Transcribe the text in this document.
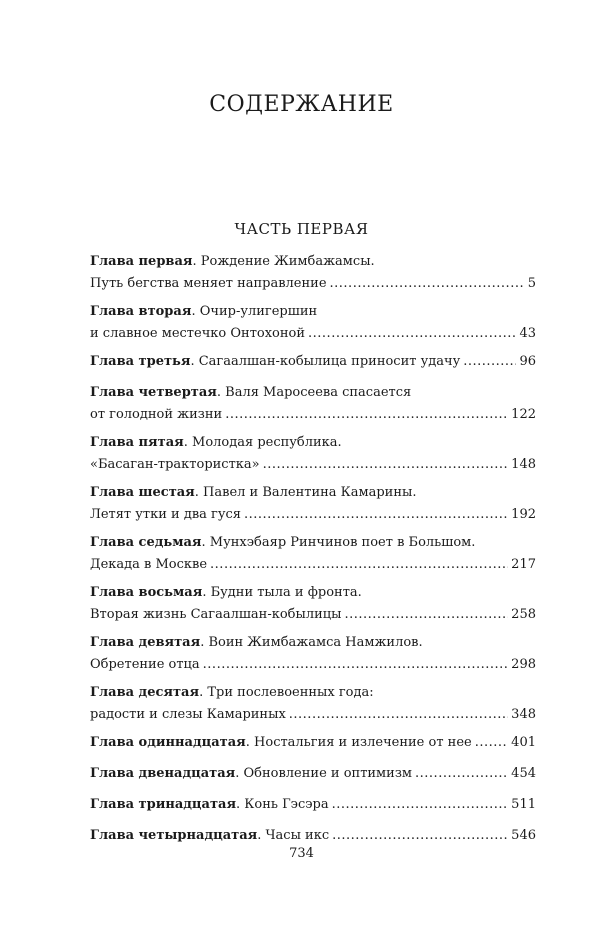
СОДЕРЖАНИЕ
ЧАСТЬ ПЕРВАЯ
Глава первая. Рождение Жимбажамсы.
Путь бегства меняет направление .....	5
Глава вторая. Очир-улигершин
и славное местечко Онтохоной .....	43
Глава третья. Сагаалшан-кобылица приносит удачу .....	96
Глава четвертая. Валя Маросеева спасается
от голодной жизни .....	122
Глава пятая. Молодая республика.
«Басаган-трактористка» .....	148
Глава шестая. Павел и Валентина Камарины.
Летят утки и два гуся .....	192
Глава седьмая. Мунхэбаяр Ринчинов поет в Большом.
Декада в Москве .....	217
Глава восьмая. Будни тыла и фронта.
Вторая жизнь Сагаалшан-кобылицы .....	258
Глава девятая. Воин Жимбажамса Намжилов.
Обретение отца .....	298
Глава десятая. Три послевоенных года:
радости и слезы Камариных .....	348
Глава одиннадцатая. Ностальгия и излечение от нее .....	401
Глава двенадцатая. Обновление и оптимизм .....	454
Глава тринадцатая. Конь Гэсэра .....	511
Глава четырнадцатая. Часы икс .....	546
734
